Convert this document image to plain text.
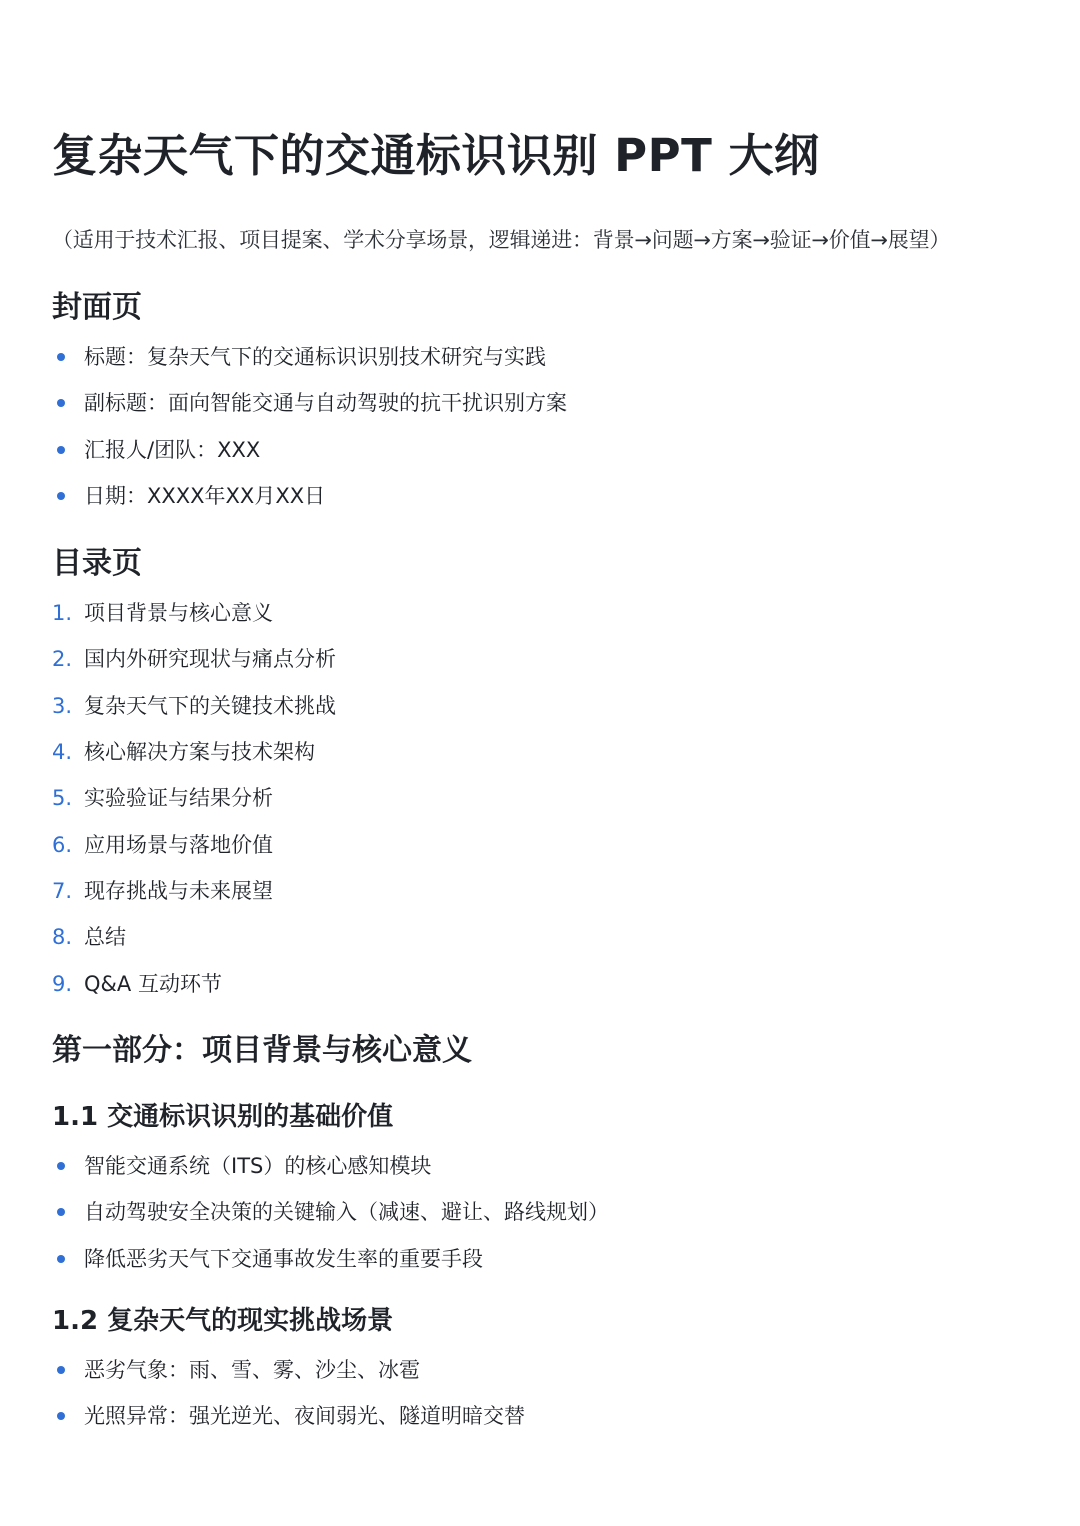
复杂天气下的交通标识识别 PPT 大纲

（适用于技术汇报、项目提案、学术分享场景，逻辑递进：背景→问题→方案→验证→价值→展望）

封面页
标题：复杂天气下的交通标识识别技术研究与实践
副标题：面向智能交通与自动驾驶的抗干扰识别方案
汇报人/团队：XXX
日期：XXXX年XX月XX日
目录页
1. 项目背景与核心意义
2. 国内外研究现状与痛点分析
3. 复杂天气下的关键技术挑战
4. 核心解决方案与技术架构
5. 实验验证与结果分析
6. 应用场景与落地价值
7. 现存挑战与未来展望
8. 总结
9. Q&A 互动环节
第一部分：项目背景与核心意义
1.1 交通标识识别的基础价值
智能交通系统（ITS）的核心感知模块
自动驾驶安全决策的关键输入（减速、避让、路线规划）
降低恶劣天气下交通事故发生率的重要手段
1.2 复杂天气的现实挑战场景
恶劣气象：雨、雪、雾、沙尘、冰雹
光照异常：强光逆光、夜间弱光、隧道明暗交替
